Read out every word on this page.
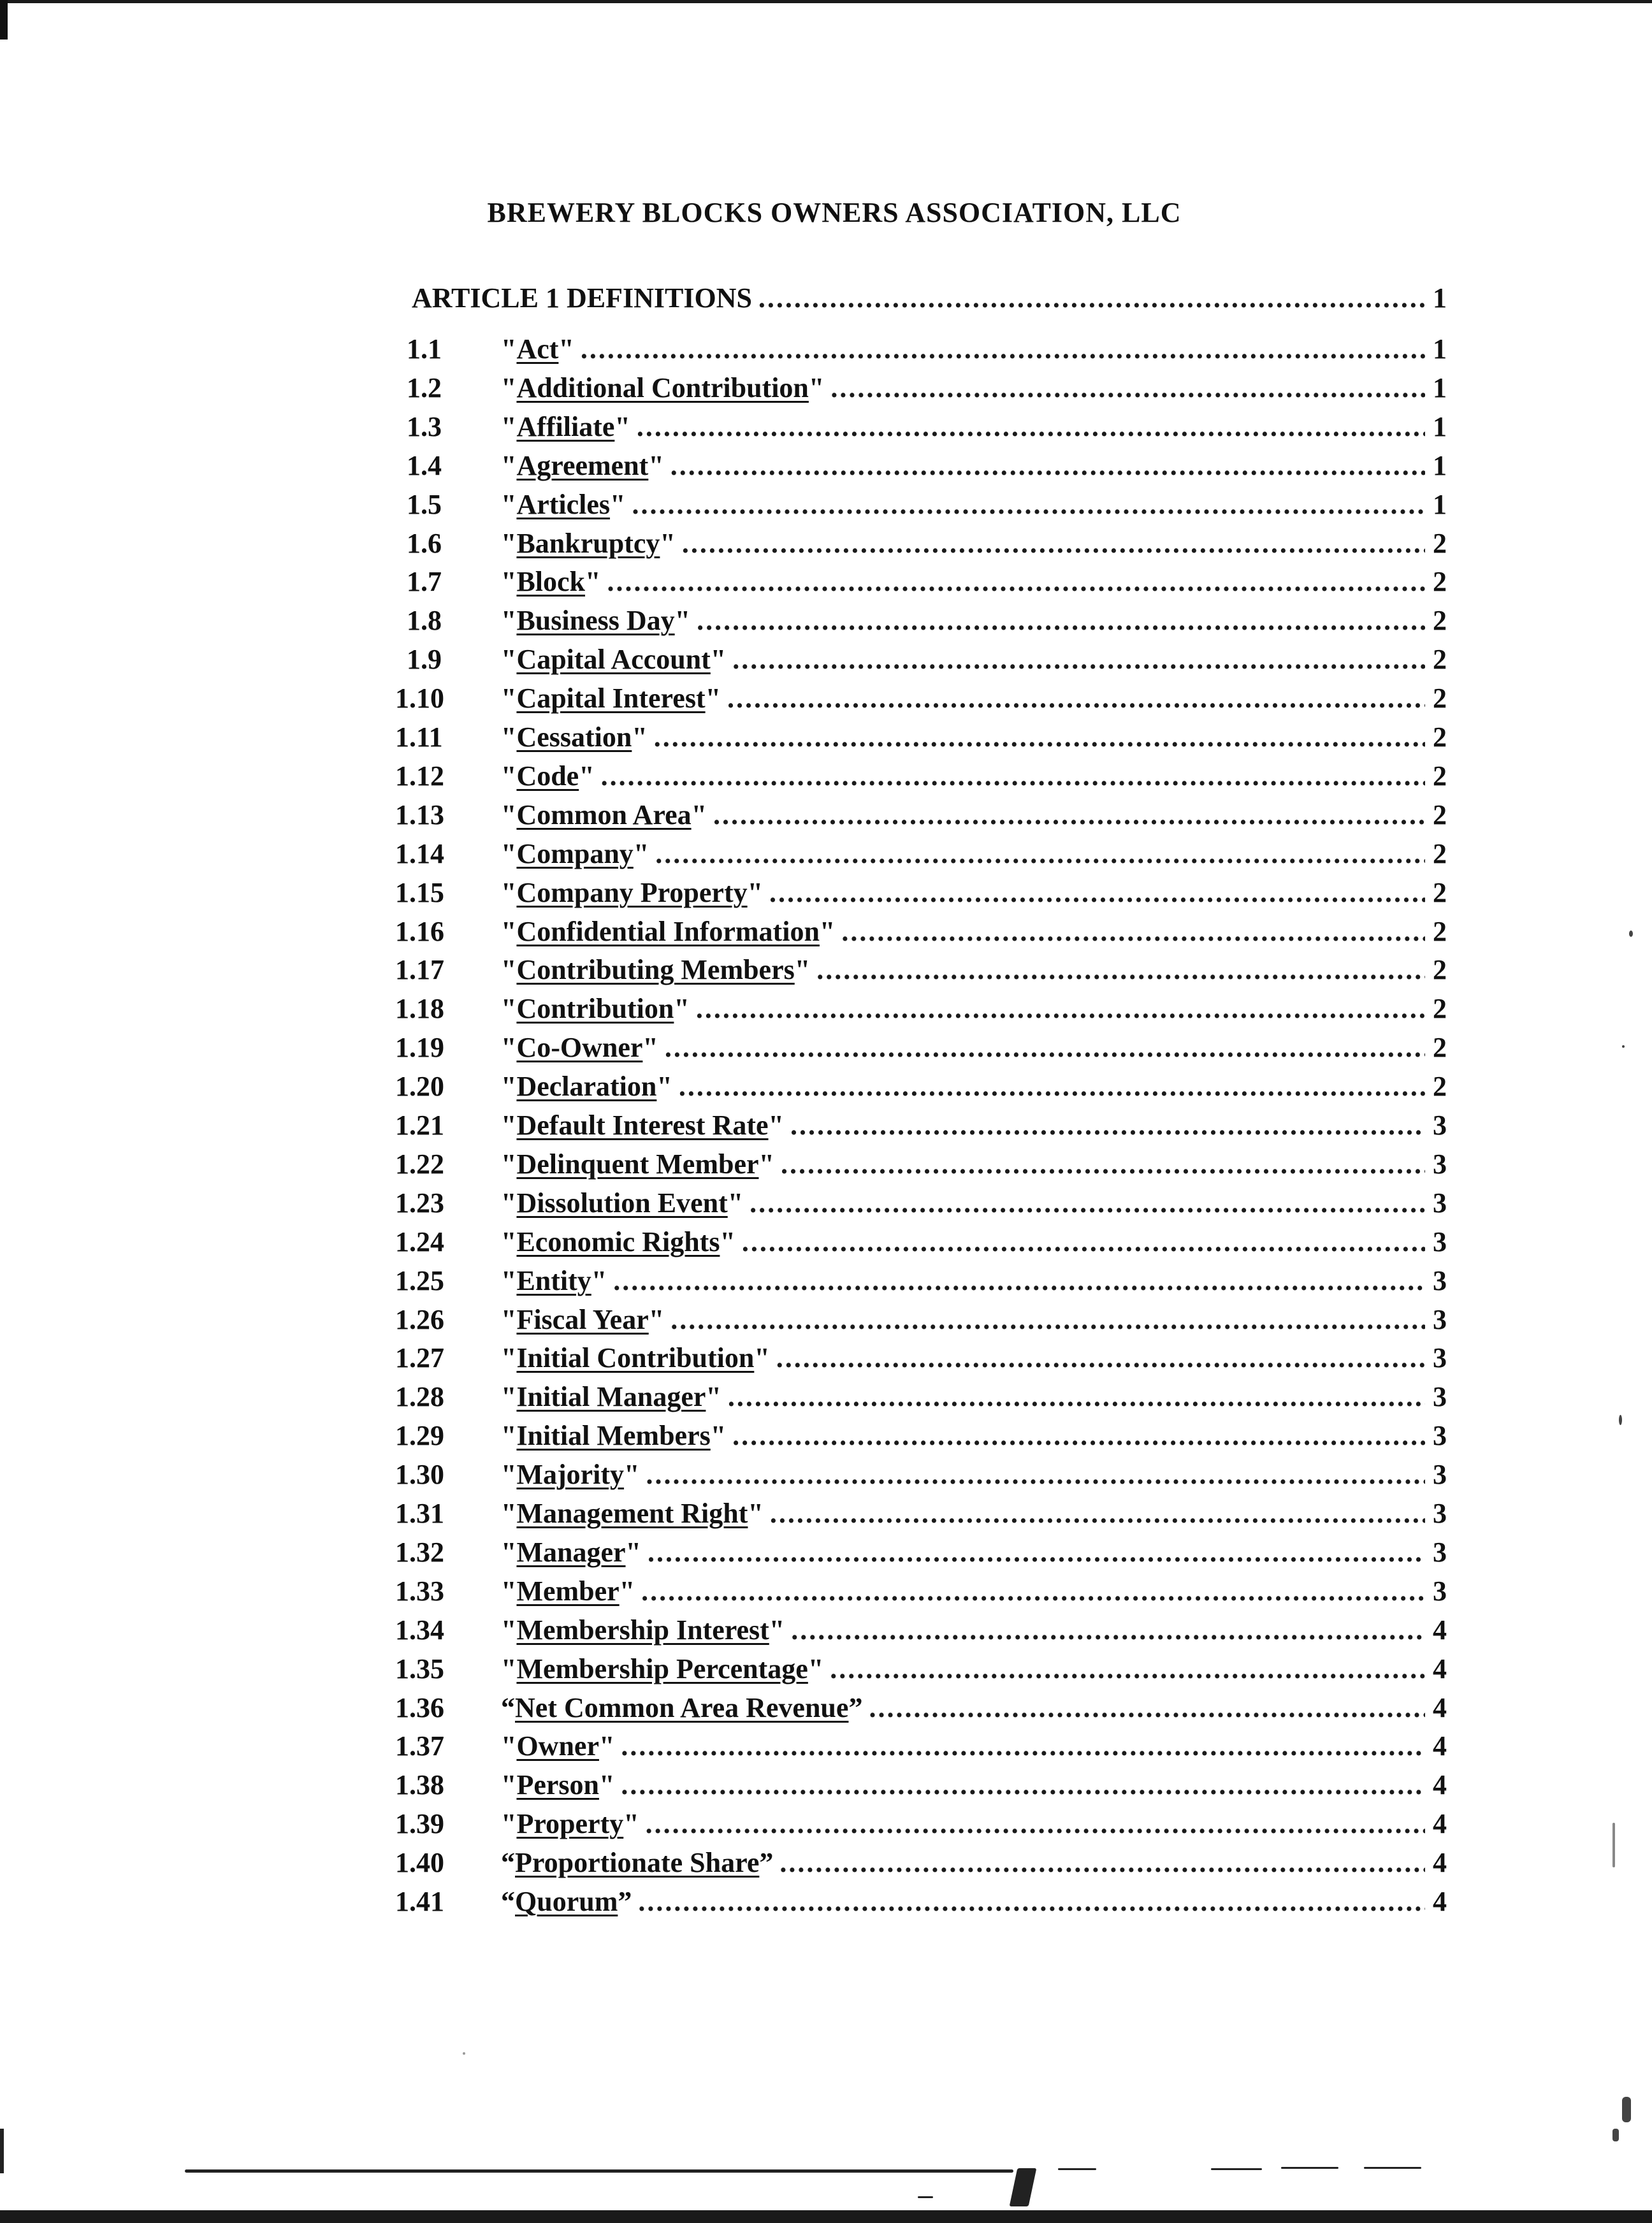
BREWERY BLOCKS OWNERS ASSOCIATION, LLC
ARTICLE 1 DEFINITIONS .....	1
1.1	"Act" .....	1
1.2	"Additional Contribution" .....	1
1.3	"Affiliate" .....	1
1.4	"Agreement" .....	1
1.5	"Articles" .....	1
1.6	"Bankruptcy" .....	2
1.7	"Block" .....	2
1.8	"Business Day" .....	2
1.9	"Capital Account" .....	2
1.10	"Capital Interest" .....	2
1.11	"Cessation" .....	2
1.12	"Code" .....	2
1.13	"Common Area" .....	2
1.14	"Company" .....	2
1.15	"Company Property" .....	2
1.16	"Confidential Information" .....	2
1.17	"Contributing Members" .....	2
1.18	"Contribution" .....	2
1.19	"Co-Owner" .....	2
1.20	"Declaration" .....	2
1.21	"Default Interest Rate" .....	3
1.22	"Delinquent Member" .....	3
1.23	"Dissolution Event" .....	3
1.24	"Economic Rights" .....	3
1.25	"Entity" .....	3
1.26	"Fiscal Year" .....	3
1.27	"Initial Contribution" .....	3
1.28	"Initial Manager" .....	3
1.29	"Initial Members" .....	3
1.30	"Majority" .....	3
1.31	"Management Right" .....	3
1.32	"Manager" .....	3
1.33	"Member" .....	3
1.34	"Membership Interest" .....	4
1.35	"Membership Percentage" .....	4
1.36	“Net Common Area Revenue” .....	4
1.37	"Owner" .....	4
1.38	"Person" .....	4
1.39	"Property" .....	4
1.40	“Proportionate Share” .....	4
1.41	“Quorum” .....	4
